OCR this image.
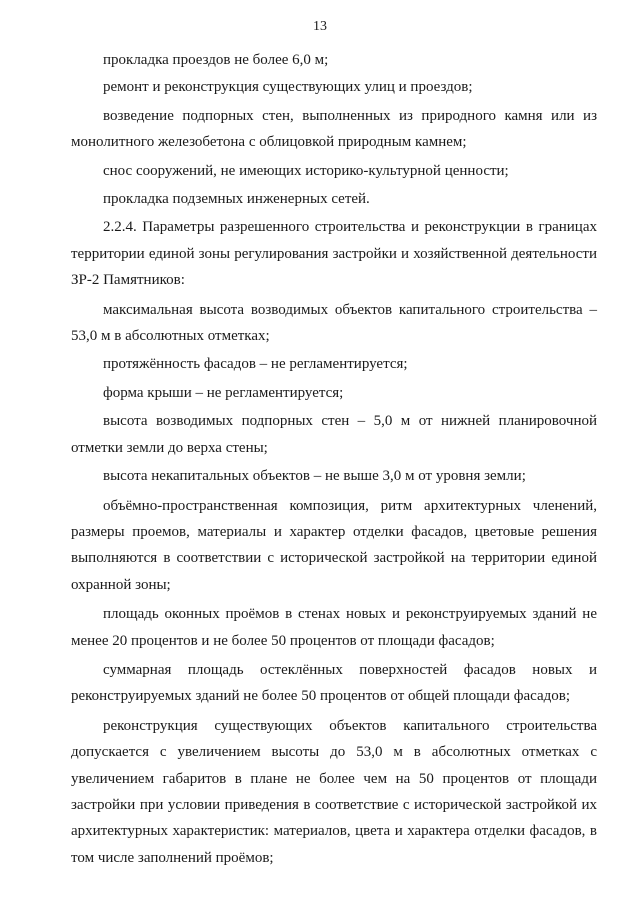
13

прокладка проездов не более 6,0 м;

ремонт и реконструкция существующих улиц и проездов;

возведение подпорных стен, выполненных из природного камня или из монолитного железобетона с облицовкой природным камнем;

снос сооружений, не имеющих историко-культурной ценности;

прокладка подземных инженерных сетей.

2.2.4. Параметры разрешенного строительства и реконструкции в границах территории единой зоны регулирования застройки и хозяйственной деятельности ЗР-2 Памятников:

максимальная высота возводимых объектов капитального строительства – 53,0 м в абсолютных отметках;

протяжённость фасадов – не регламентируется;

форма крыши – не регламентируется;

высота возводимых подпорных стен – 5,0 м от нижней планировочной отметки земли до верха стены;

высота некапитальных объектов – не выше 3,0 м от уровня земли;

объёмно-пространственная композиция, ритм архитектурных членений, размеры проемов, материалы и характер отделки фасадов, цветовые решения выполняются в соответствии с исторической застройкой на территории единой охранной зоны;

площадь оконных проёмов в стенах новых и реконструируемых зданий не менее 20 процентов и не более 50 процентов от площади фасадов;

суммарная площадь остеклённых поверхностей фасадов новых и реконструируемых зданий не более 50 процентов от общей площади фасадов;

реконструкция существующих объектов капитального строительства допускается с увеличением высоты до 53,0 м в абсолютных отметках с увеличением габаритов в плане не более чем на 50 процентов от площади застройки при условии приведения в соответствие с исторической застройкой их архитектурных характеристик: материалов, цвета и характера отделки фасадов, в том числе заполнений проёмов;
